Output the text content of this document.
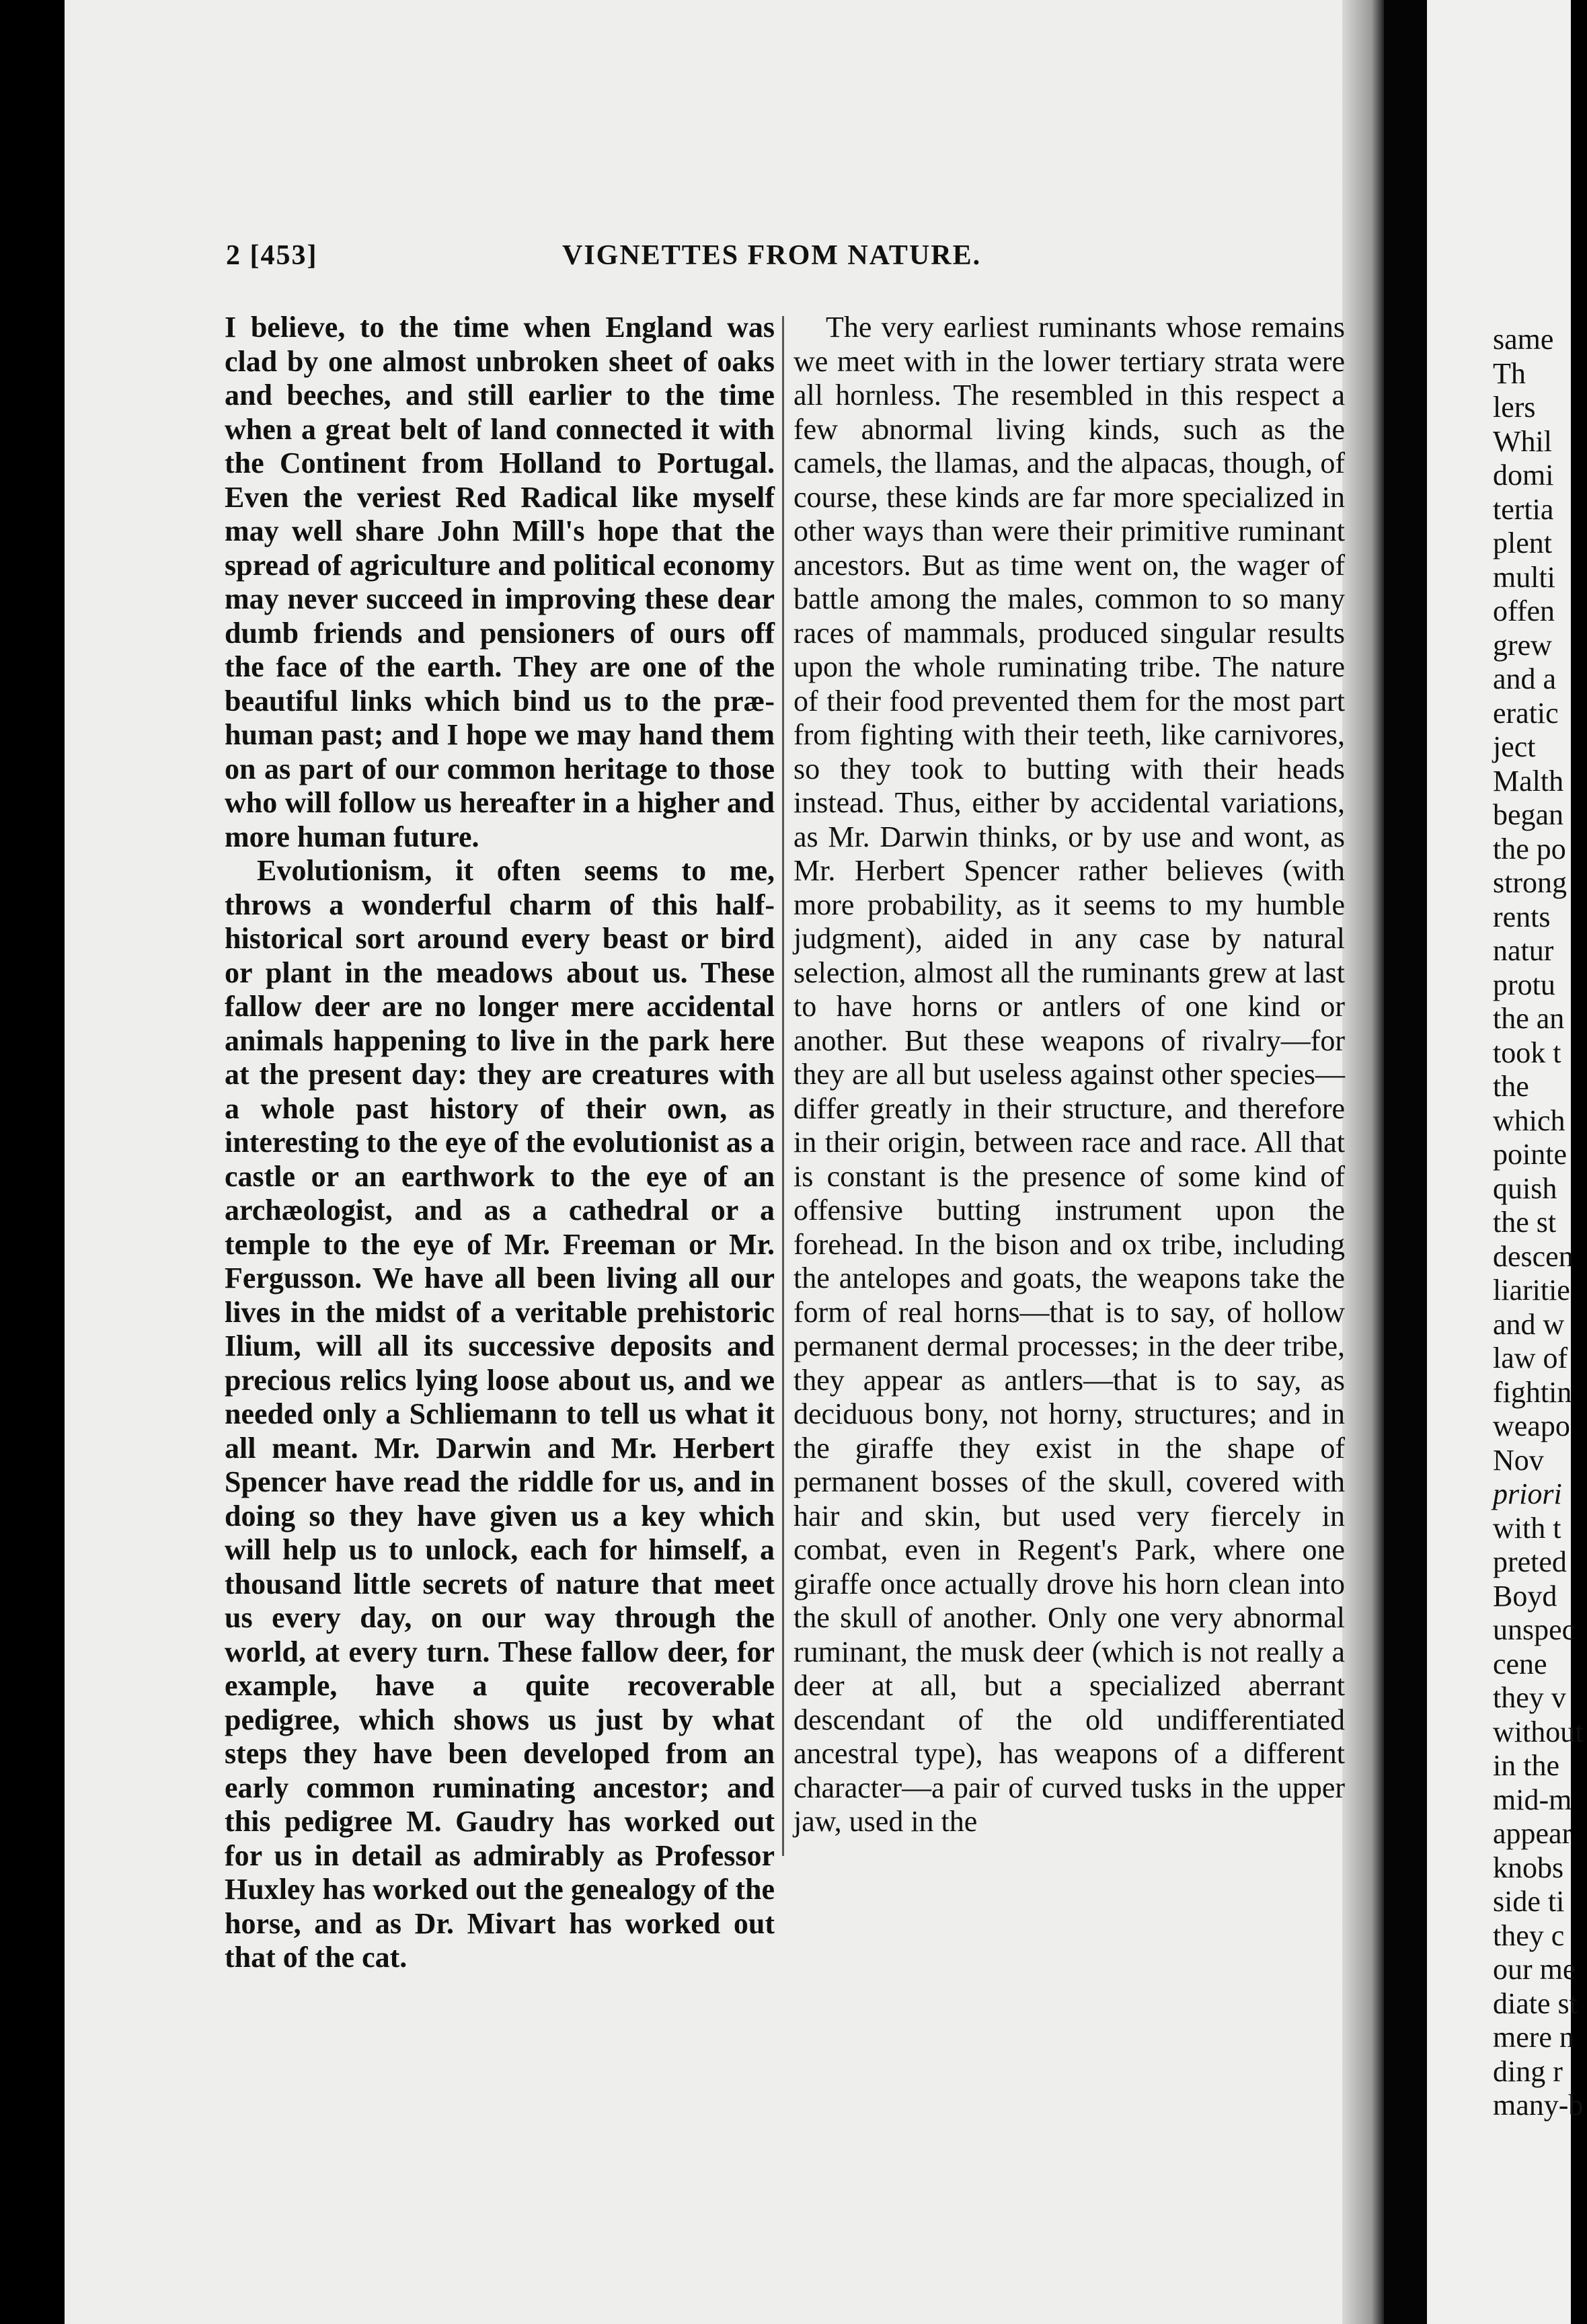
same
Th
lers
Whil
domi
tertia
plent
multi
offen
grew
and a
eratic
ject
Malth
began
the po
strong
rents
natur
protu
the an
took t
the
which
pointe
quish
the st
descen
liaritie
and w
law of
fightin
weapo
Nov
priori
with t
preted
Boyd
unspec
cene
they v
without
in the
mid-m
appear
knobs
side ti
they c
our me
diate st
mere n
ding r
many-b
2 [453]	VIGNETTES FROM NATURE.

I believe, to the time when England was clad by one almost unbroken sheet of oaks and beeches, and still earlier to the time when a great belt of land connected it with the Continent from Holland to Portugal. Even the veriest Red Radical like myself may well share John Mill's hope that the spread of agriculture and political economy may never succeed in improving these dear dumb friends and pensioners of ours off the face of the earth. They are one of the beautiful links which bind us to the præ-human past; and I hope we may hand them on as part of our common heritage to those who will follow us hereafter in a higher and more human future.

Evolutionism, it often seems to me, throws a wonderful charm of this half-historical sort around every beast or bird or plant in the meadows about us. These fallow deer are no longer mere accidental animals happening to live in the park here at the present day: they are creatures with a whole past history of their own, as interesting to the eye of the evolutionist as a castle or an earthwork to the eye of an archæologist, and as a cathedral or a temple to the eye of Mr. Freeman or Mr. Fergusson. We have all been living all our lives in the midst of a veritable prehistoric Ilium, will all its successive deposits and precious relics lying loose about us, and we needed only a Schliemann to tell us what it all meant. Mr. Darwin and Mr. Herbert Spencer have read the riddle for us, and in doing so they have given us a key which will help us to unlock, each for himself, a thousand little secrets of nature that meet us every day, on our way through the world, at every turn. These fallow deer, for example, have a quite recoverable pedigree, which shows us just by what steps they have been developed from an early common ruminating ancestor; and this pedigree M. Gaudry has worked out for us in detail as admirably as Professor Huxley has worked out the genealogy of the horse, and as Dr. Mivart has worked out that of the cat.

The very earliest ruminants whose remains we meet with in the lower tertiary strata were all hornless. The resembled in this respect a few abnormal living kinds, such as the camels, the llamas, and the alpacas, though, of course, these kinds are far more specialized in other ways than were their primitive ruminant ancestors. But as time went on, the wager of battle among the males, common to so many races of mammals, produced singular results upon the whole ruminating tribe. The nature of their food prevented them for the most part from fighting with their teeth, like carnivores, so they took to butting with their heads instead. Thus, either by accidental variations, as Mr. Darwin thinks, or by use and wont, as Mr. Herbert Spencer rather believes (with more probability, as it seems to my humble judgment), aided in any case by natural selection, almost all the ruminants grew at last to have horns or antlers of one kind or another. But these weapons of rivalry—for they are all but useless against other species—differ greatly in their structure, and therefore in their origin, between race and race. All that is constant is the presence of some kind of offensive butting instrument upon the forehead. In the bison and ox tribe, including the antelopes and goats, the weapons take the form of real horns—that is to say, of hollow permanent dermal processes; in the deer tribe, they appear as antlers—that is to say, as deciduous bony, not horny, structures; and in the giraffe they exist in the shape of permanent bosses of the skull, covered with hair and skin, but used very fiercely in combat, even in Regent's Park, where one giraffe once actually drove his horn clean into the skull of another. Only one very abnormal ruminant, the musk deer (which is not really a deer at all, but a specialized aberrant descendant of the old undifferentiated ancestral type), has weapons of a different character—a pair of curved tusks in the upper jaw, used in the
